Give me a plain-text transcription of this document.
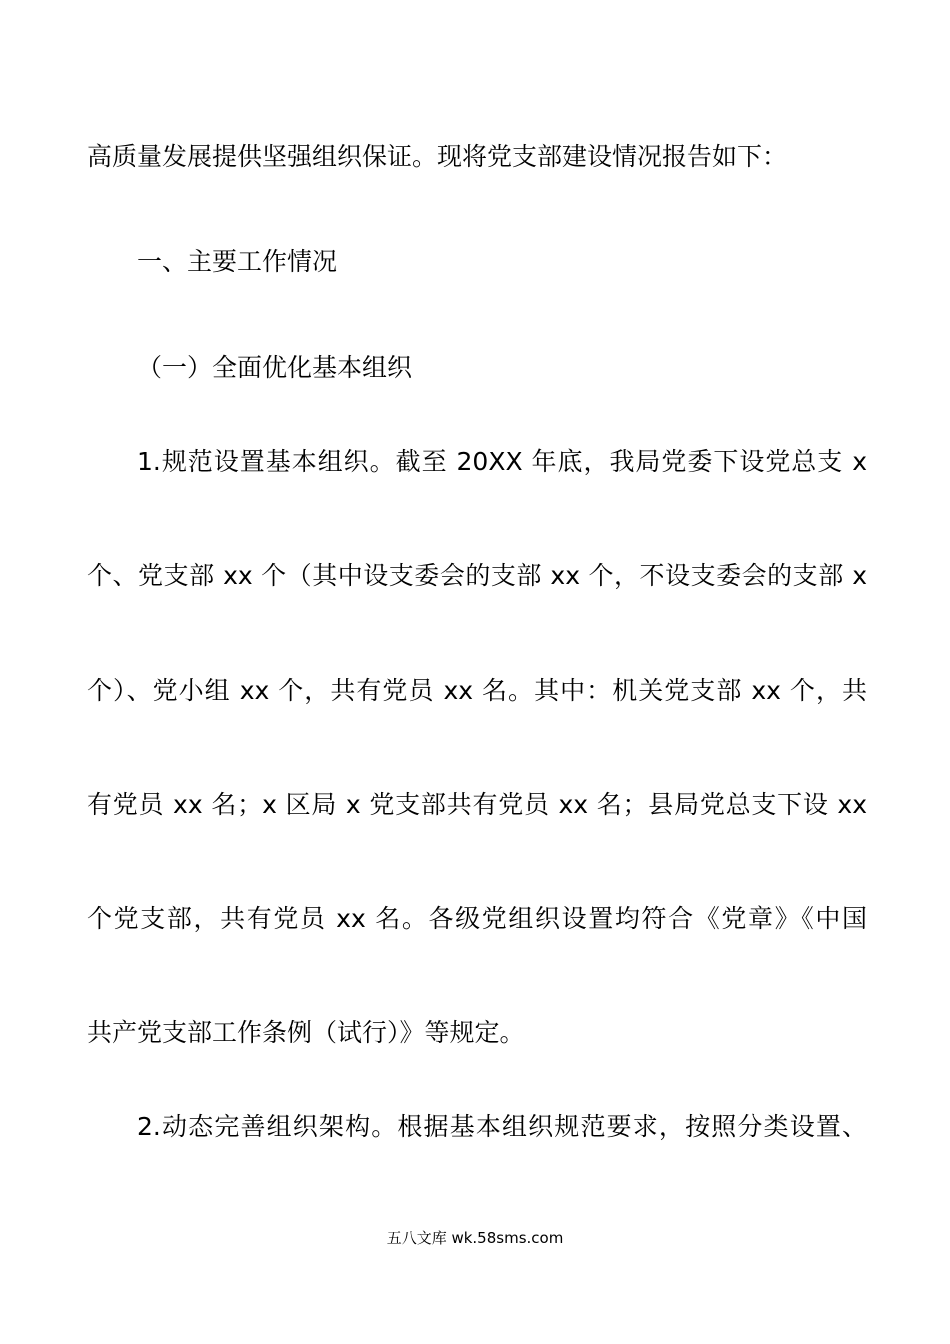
高质量发展提供坚强组织保证。现将党支部建设情况报告如下：
一、主要工作情况
（一）全面优化基本组织
1.规范设置基本组织。截至 20XX 年底，我局党委下设党总支 x
个、党支部 xx 个（其中设支委会的支部 xx 个，不设支委会的支部 x
个）、党小组 xx 个，共有党员 xx 名。其中：机关党支部 xx 个，共
有党员 xx 名；x 区局 x 党支部共有党员 xx 名；县局党总支下设 xx
个党支部，共有党员 xx 名。各级党组织设置均符合《党章》《中国
共产党支部工作条例（试行）》等规定。
2.动态完善组织架构。根据基本组织规范要求，按照分类设置、
五八文库 wk.58sms.com
